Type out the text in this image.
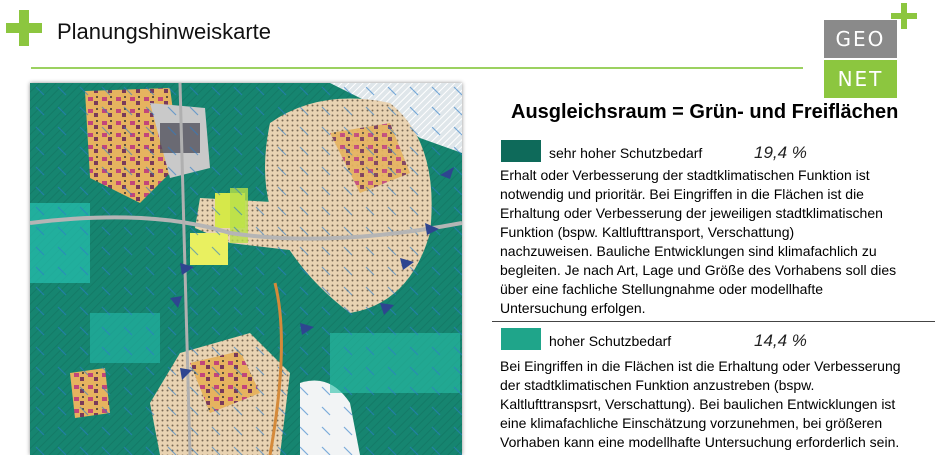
Planungshinweiskarte	GEO
NET
Ausgleichsraum = Grün- und Freiflächen
sehr hoher Schutzbedarf	19,4 %
Erhalt oder Verbesserung der stadtklimatischen Funktion ist
notwendig und prioritär. Bei Eingriffen in die Flächen ist die
Erhaltung oder Verbesserung der jeweiligen stadtklimatischen
Funktion (bspw. Kaltlufttransport, Verschattung)
nachzuweisen. Bauliche Entwicklungen sind klimafachlich zu
begleiten. Je nach Art, Lage und Größe des Vorhabens soll dies
über eine fachliche Stellungnahme oder modellhafte
Untersuchung erfolgen.
hoher Schutzbedarf	14,4 %
Bei Eingriffen in die Flächen ist die Erhaltung oder Verbesserung
der stadtklimatischen Funktion anzustreben (bspw.
Kaltlufttranspsrt, Verschattung). Bei baulichen Entwicklungen ist
eine klimafachliche Einschätzung vorzunehmen, bei größeren
Vorhaben kann eine modellhafte Untersuchung erforderlich sein.
